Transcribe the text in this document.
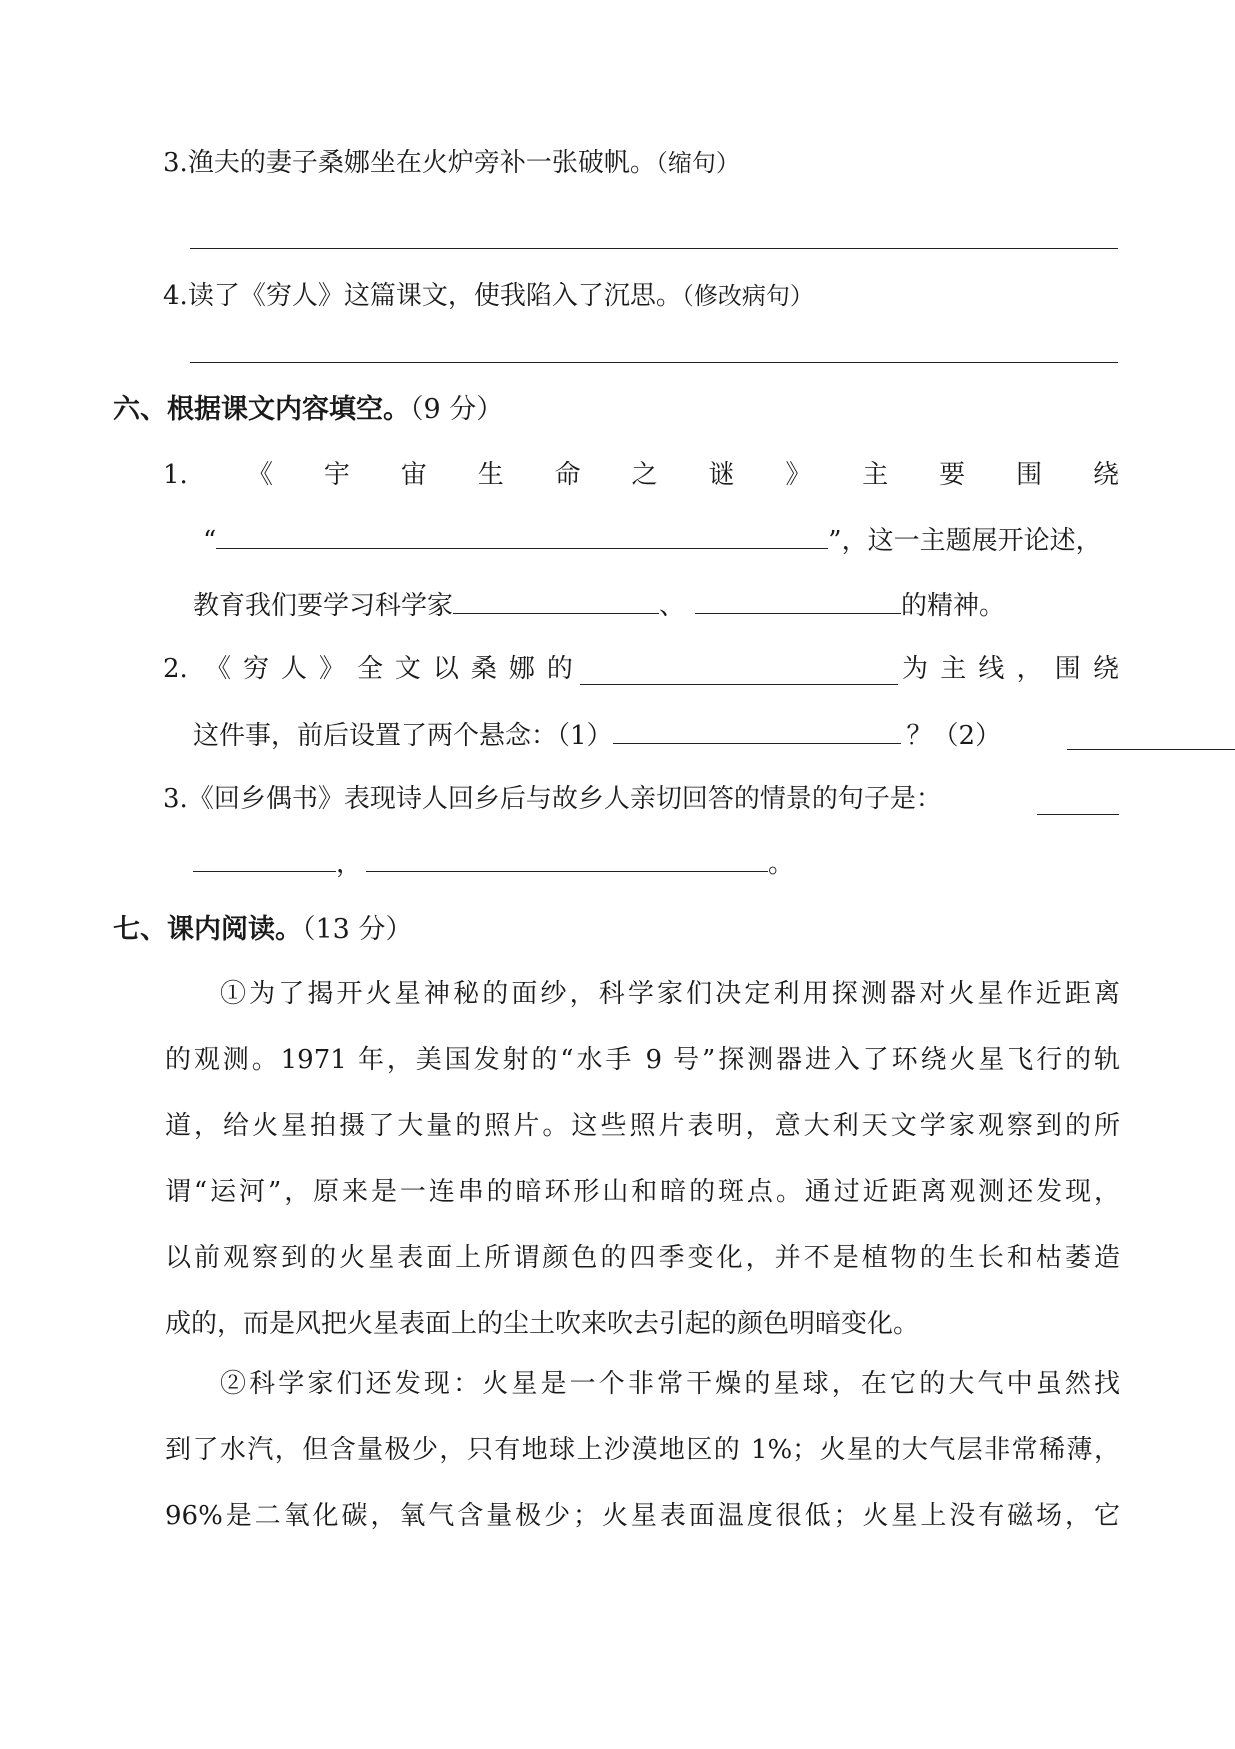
3.渔夫的妻子桑娜坐在火炉旁补一张破帆。（缩句）
4.读了《穷人》这篇课文，使我陷入了沉思。（修改病句）
六、根据课文内容填空。（9 分）
1. 《 宇 宙 生 命 之 谜 》 主 要 围 绕
“	”，这一主题展开论述，
教育我们要学习科学家	、	的精神。
2. 《 穷 人 》 全 文 以 桑 娜 的	为 主 线 ， 围 绕
这件事，前后设置了两个悬念：（1）	？（2）
3.《回乡偶书》表现诗人回乡后与故乡人亲切回答的情景的句子是：
，	。
七、课内阅读。（13 分）
①为了揭开火星神秘的面纱，科学家们决定利用探测器对火星作近距离
的观测。1971 年，美国发射的“水手 9 号”探测器进入了环绕火星飞行的轨
道，给火星拍摄了大量的照片。这些照片表明，意大利天文学家观察到的所
谓“运河”，原来是一连串的暗环形山和暗的斑点。通过近距离观测还发现，
以前观察到的火星表面上所谓颜色的四季变化，并不是植物的生长和枯萎造
成的，而是风把火星表面上的尘土吹来吹去引起的颜色明暗变化。
②科学家们还发现：火星是一个非常干燥的星球，在它的大气中虽然找
到了水汽，但含量极少，只有地球上沙漠地区的 1%；火星的大气层非常稀薄，
96%是二氧化碳，氧气含量极少；火星表面温度很低；火星上没有磁场，它
